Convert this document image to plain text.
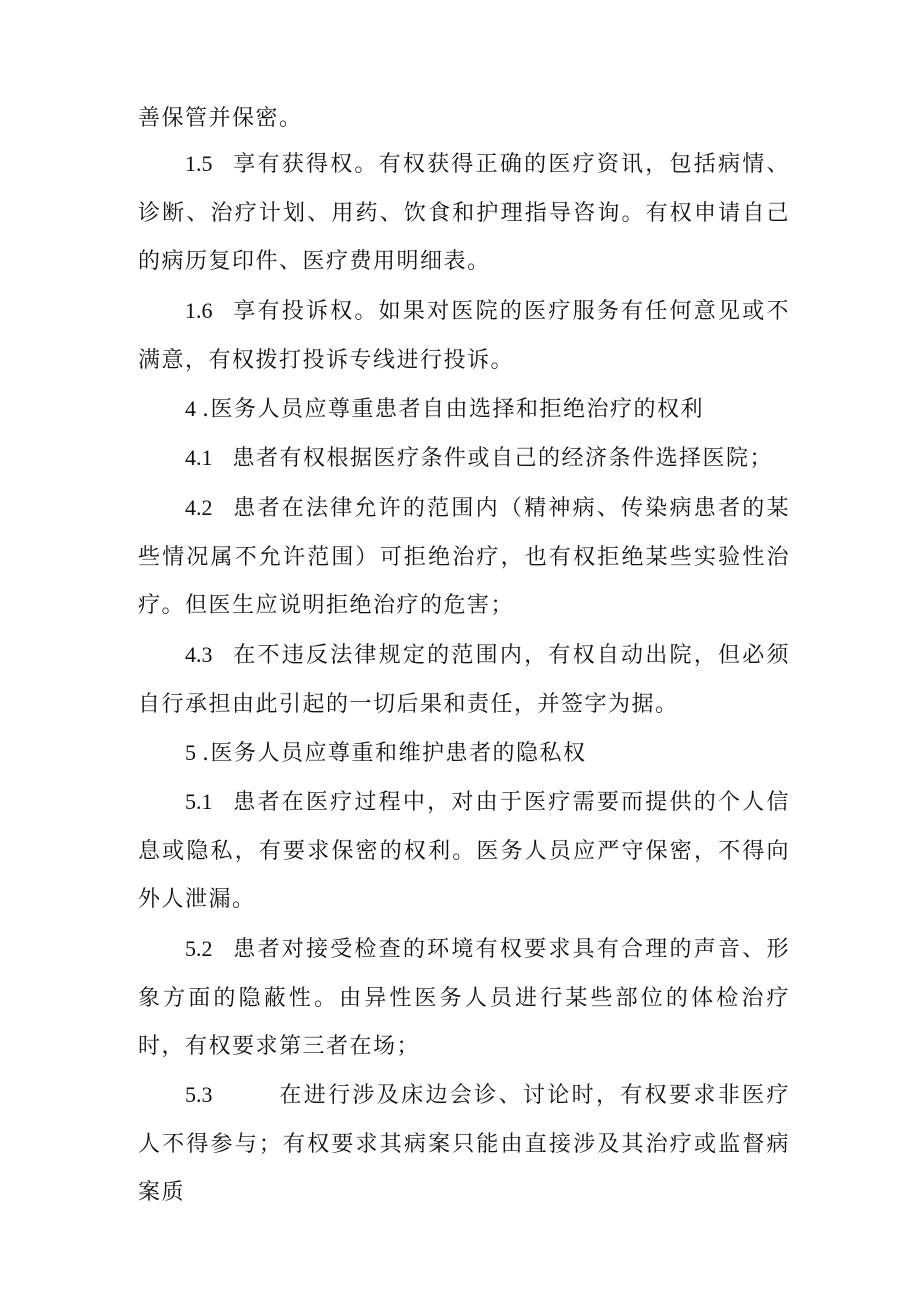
善保管并保密。

1.5 享有获得权。有权获得正确的医疗资讯，包括病情、诊断、治疗计划、用药、饮食和护理指导咨询。有权申请自己的病历复印件、医疗费用明细表。

1.6 享有投诉权。如果对医院的医疗服务有任何意见或不满意，有权拨打投诉专线进行投诉。

4 .医务人员应尊重患者自由选择和拒绝治疗的权利

4.1 患者有权根据医疗条件或自己的经济条件选择医院；

4.2 患者在法律允许的范围内（精神病、传染病患者的某些情况属不允许范围）可拒绝治疗，也有权拒绝某些实验性治疗。但医生应说明拒绝治疗的危害；

4.3 在不违反法律规定的范围内，有权自动出院，但必须自行承担由此引起的一切后果和责任，并签字为据。

5 .医务人员应尊重和维护患者的隐私权

5.1 患者在医疗过程中，对由于医疗需要而提供的个人信息或隐私，有要求保密的权利。医务人员应严守保密，不得向外人泄漏。

5.2 患者对接受检查的环境有权要求具有合理的声音、形象方面的隐蔽性。由异性医务人员进行某些部位的体检治疗时，有权要求第三者在场；

5.3	在进行涉及床边会诊、讨论时，有权要求非医疗人不得参与；有权要求其病案只能由直接涉及其治疗或监督病案质
